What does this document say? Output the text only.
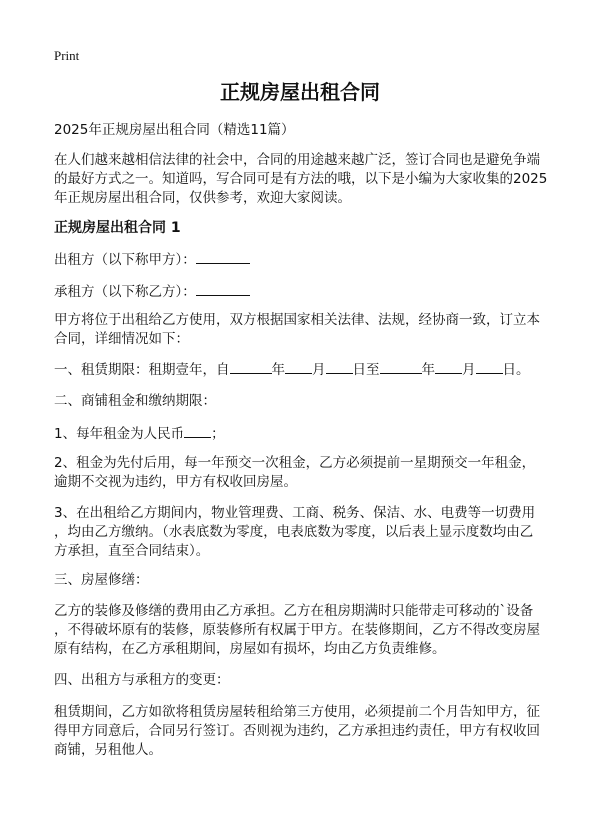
Print
正规房屋出租合同
2025年正规房屋出租合同（精选11篇）
在人们越来越相信法律的社会中，合同的用途越来越广泛，签订合同也是避免争端
的最好方式之一。知道吗，写合同可是有方法的哦，以下是小编为大家收集的2025
年正规房屋出租合同，仅供参考，欢迎大家阅读。
正规房屋出租合同 1
出租方（以下称甲方）：
承租方（以下称乙方）：
甲方将位于出租给乙方使用，双方根据国家相关法律、法规，经协商一致，订立本
合同，详细情况如下：
一、租赁期限：租期壹年，自	年 月 日至	年 月 日。
二、商铺租金和缴纳期限：
1、每年租金为人民币 ；
2、租金为先付后用，每一年预交一次租金，乙方必须提前一星期预交一年租金，
逾期不交视为违约，甲方有权收回房屋。
3、在出租给乙方期间内，物业管理费、工商、税务、保洁、水、电费等一切费用
，均由乙方缴纳。（水表底数为零度，电表底数为零度，以后表上显示度数均由乙
方承担，直至合同结束）。
三、房屋修缮：
乙方的装修及修缮的费用由乙方承担。乙方在租房期满时只能带走可移动的`设备
，不得破坏原有的装修，原装修所有权属于甲方。在装修期间，乙方不得改变房屋
原有结构，在乙方承租期间，房屋如有损坏，均由乙方负责维修。
四、出租方与承租方的变更：
租赁期间，乙方如欲将租赁房屋转租给第三方使用，必须提前二个月告知甲方，征
得甲方同意后，合同另行签订。否则视为违约，乙方承担违约责任，甲方有权收回
商铺，另租他人。
